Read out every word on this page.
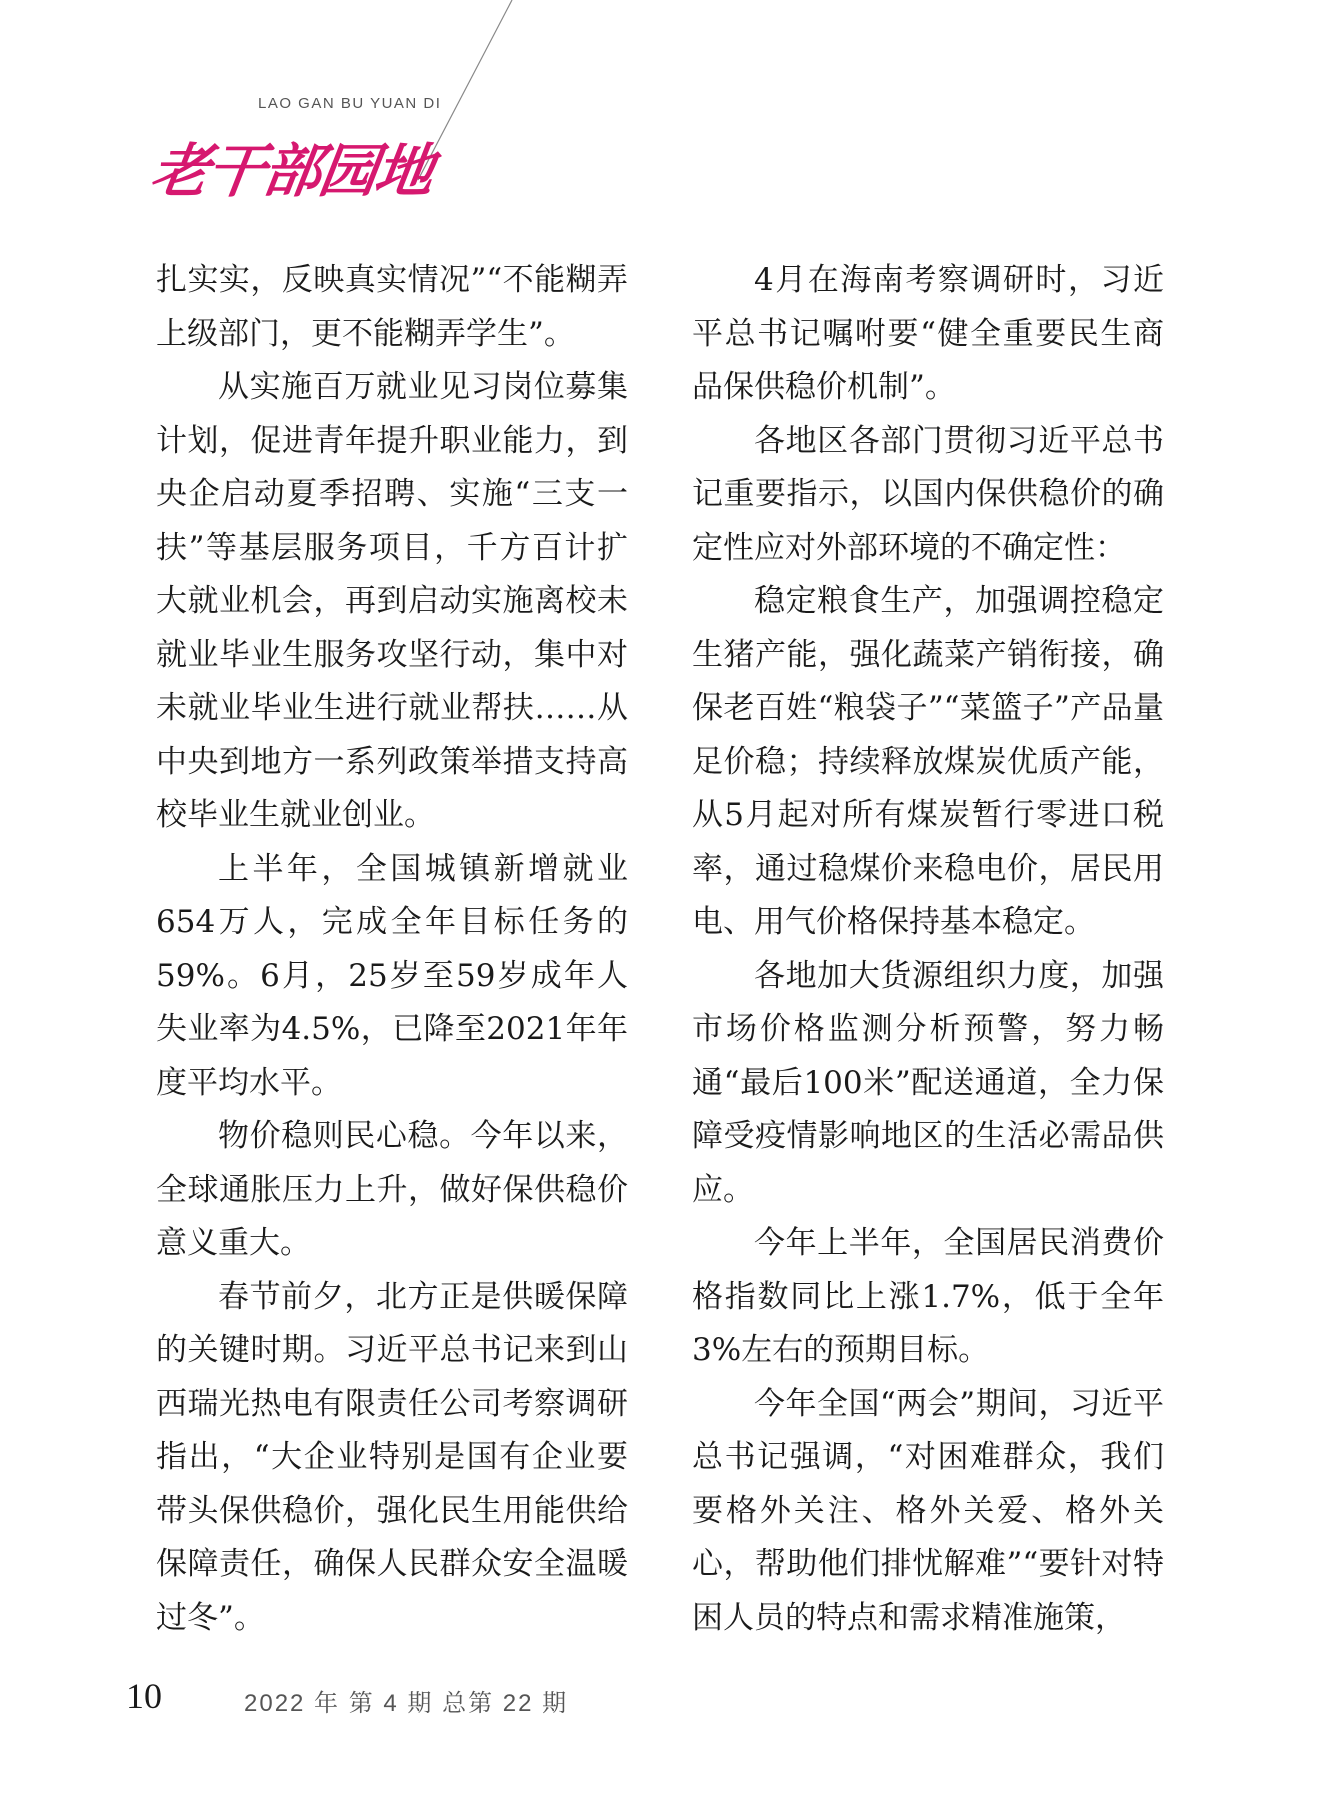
LAO GAN BU YUAN DI
老干部园地

扎实实，反映真实情况”“不能糊弄上级部门，更不能糊弄学生”。

从实施百万就业见习岗位募集计划，促进青年提升职业能力，到央企启动夏季招聘、实施“三支一扶”等基层服务项目，千方百计扩大就业机会，再到启动实施离校未就业毕业生服务攻坚行动，集中对未就业毕业生进行就业帮扶……从中央到地方一系列政策举措支持高校毕业生就业创业。

上半年，全国城镇新增就业654万人，完成全年目标任务的59%。6月，25岁至59岁成年人失业率为4.5%，已降至2021年年度平均水平。

物价稳则民心稳。今年以来，全球通胀压力上升，做好保供稳价意义重大。

春节前夕，北方正是供暖保障的关键时期。习近平总书记来到山西瑞光热电有限责任公司考察调研指出，“大企业特别是国有企业要带头保供稳价，强化民生用能供给保障责任，确保人民群众安全温暖过冬”。

4月在海南考察调研时，习近平总书记嘱咐要“健全重要民生商品保供稳价机制”。

各地区各部门贯彻习近平总书记重要指示，以国内保供稳价的确定性应对外部环境的不确定性：

稳定粮食生产，加强调控稳定生猪产能，强化蔬菜产销衔接，确保老百姓“粮袋子”“菜篮子”产品量足价稳；持续释放煤炭优质产能，从5月起对所有煤炭暂行零进口税率，通过稳煤价来稳电价，居民用电、用气价格保持基本稳定。

各地加大货源组织力度，加强市场价格监测分析预警，努力畅通“最后100米”配送通道，全力保障受疫情影响地区的生活必需品供应。

今年上半年，全国居民消费价格指数同比上涨1.7%，低于全年3%左右的预期目标。

今年全国“两会”期间，习近平总书记强调，“对困难群众，我们要格外关注、格外关爱、格外关心，帮助他们排忧解难”“要针对特困人员的特点和需求精准施策，

10	2022 年 第 4 期 总第 22 期
